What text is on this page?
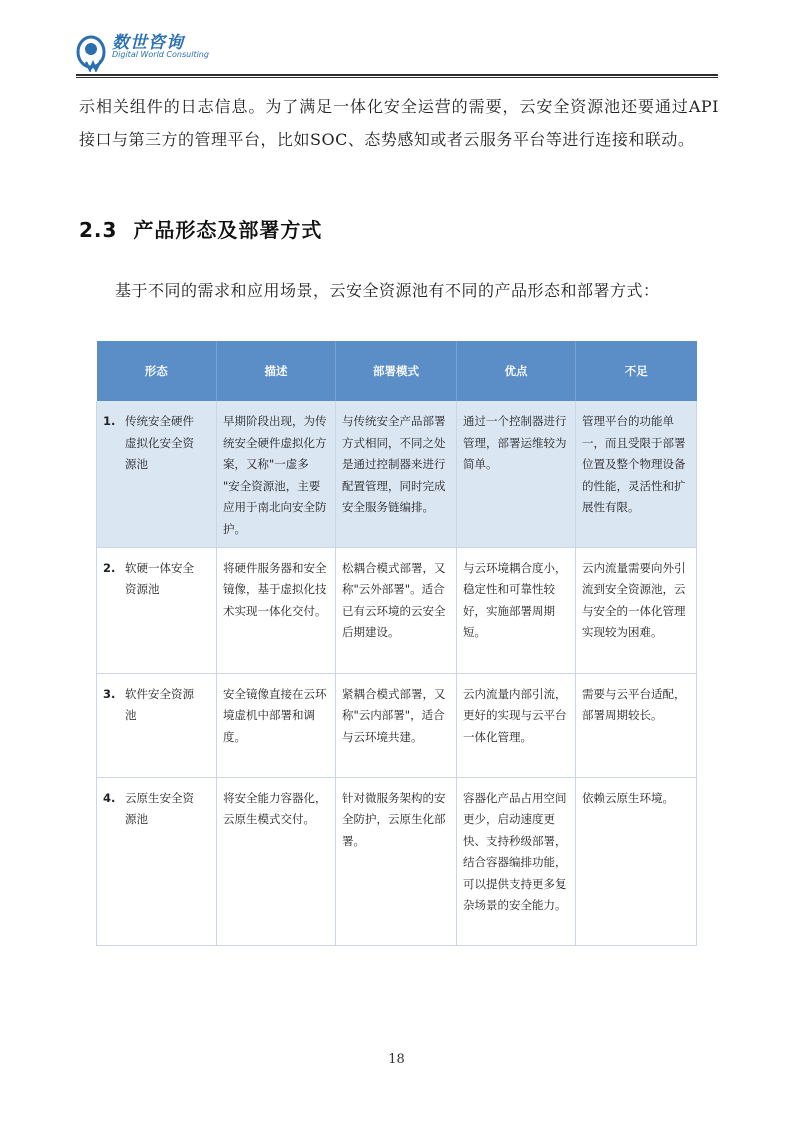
数世咨询
Digital World Consulting
示相关组件的日志信息。为了满足一体化安全运营的需要，云安全资源池还要通过API接口与第三方的管理平台，比如SOC、态势感知或者云服务平台等进行连接和联动。
2.3 产品形态及部署方式
基于不同的需求和应用场景，云安全资源池有不同的产品形态和部署方式：
形态	描述	部署模式	优点	不足
1. 传统安全硬件虚拟化安全资源池	早期阶段出现，为传统安全硬件虚拟化方案，又称"一虚多 "安全资源池，主要应用于南北向安全防护。	与传统安全产品部署方式相同，不同之处是通过控制器来进行配置管理，同时完成安全服务链编排。	通过一个控制器进行管理，部署运维较为简单。	管理平台的功能单一，而且受限于部署位置及整个物理设备的性能，灵活性和扩展性有限。
2. 软硬一体安全资源池	将硬件服务器和安全镜像，基于虚拟化技术实现一体化交付。	松耦合模式部署，又称"云外部署"。适合已有云环境的云安全后期建设。	与云环境耦合度小，稳定性和可靠性较好，实施部署周期短。	云内流量需要向外引流到安全资源池，云与安全的一体化管理实现较为困难。
3. 软件安全资源池	安全镜像直接在云环境虚机中部署和调度。	紧耦合模式部署，又称"云内部署"，适合与云环境共建。	云内流量内部引流，更好的实现与云平台一体化管理。	需要与云平台适配，部署周期较长。
4. 云原生安全资源池	将安全能力容器化，云原生模式交付。	针对微服务架构的安全防护，云原生化部署。	容器化产品占用空间更少，启动速度更快、支持秒级部署，结合容器编排功能，可以提供支持更多复杂场景的安全能力。	依赖云原生环境。
18
